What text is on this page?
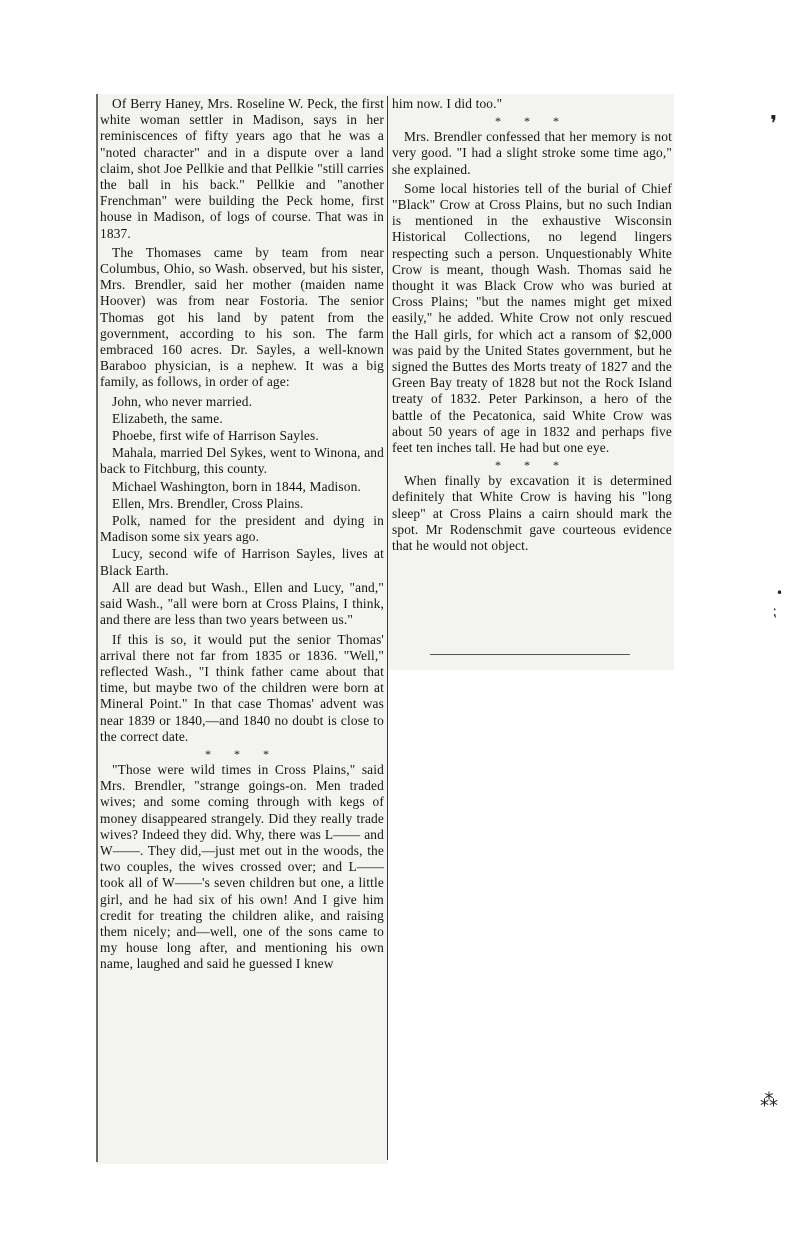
Of Berry Haney, Mrs. Roseline W. Peck, the first white woman settler in Madison, says in her reminiscences of fifty years ago that he was a "noted character" and in a dispute over a land claim, shot Joe Pellkie and that Pellkie "still carries the ball in his back." Pellkie and "another Frenchman" were building the Peck home, first house in Madison, of logs of course. That was in 1837.

The Thomases came by team from near Columbus, Ohio, so Wash. observed, but his sister, Mrs. Brendler, said her mother (maiden name Hoover) was from near Fostoria. The senior Thomas got his land by patent from the government, according to his son. The farm embraced 160 acres. Dr. Sayles, a well-known Baraboo physician, is a nephew. It was a big family, as follows, in order of age:

John, who never married.

Elizabeth, the same.

Phoebe, first wife of Harrison Sayles.

Mahala, married Del Sykes, went to Winona, and back to Fitchburg, this county.

Michael Washington, born in 1844, Madison.

Ellen, Mrs. Brendler, Cross Plains.

Polk, named for the president and dying in Madison some six years ago.

Lucy, second wife of Harrison Sayles, lives at Black Earth.

All are dead but Wash., Ellen and Lucy, "and," said Wash., "all were born at Cross Plains, I think, and there are less than two years between us."

If this is so, it would put the senior Thomas' arrival there not far from 1835 or 1836. "Well," reflected Wash., "I think father came about that time, but maybe two of the children were born at Mineral Point." In that case Thomas' advent was near 1839 or 1840,—and 1840 no doubt is close to the correct date.

* * *

"Those were wild times in Cross Plains," said Mrs. Brendler, "strange goings-on. Men traded wives; and some coming through with kegs of money disappeared strangely. Did they really trade wives? Indeed they did. Why, there was L—— and W——. They did,—just met out in the woods, the two couples, the wives crossed over; and L—— took all of W——'s seven children but one, a little girl, and he had six of his own! And I give him credit for treating the children alike, and raising them nicely; and—well, one of the sons came to my house long after, and mentioning his own name, laughed and said he guessed I knew

him now. I did too."

* * *

Mrs. Brendler confessed that her memory is not very good. "I had a slight stroke some time ago," she explained.

Some local histories tell of the burial of Chief "Black" Crow at Cross Plains, but no such Indian is mentioned in the exhaustive Wisconsin Historical Collections, no legend lingers respecting such a person. Unquestionably White Crow is meant, though Wash. Thomas said he thought it was Black Crow who was buried at Cross Plains; "but the names might get mixed easily," he added. White Crow not only rescued the Hall girls, for which act a ransom of $2,000 was paid by the United States government, but he signed the Buttes des Morts treaty of 1827 and the Green Bay treaty of 1828 but not the Rock Island treaty of 1832. Peter Parkinson, a hero of the battle of the Pecatonica, said White Crow was about 50 years of age in 1832 and perhaps five feet ten inches tall. He had but one eye.

* * *

When finally by excavation it is determined definitely that White Crow is having his "long sleep" at Cross Plains a cairn should mark the spot. Mr Rodenschmit gave courteous evidence that he would not object.

❜
•
⁏
⁂
